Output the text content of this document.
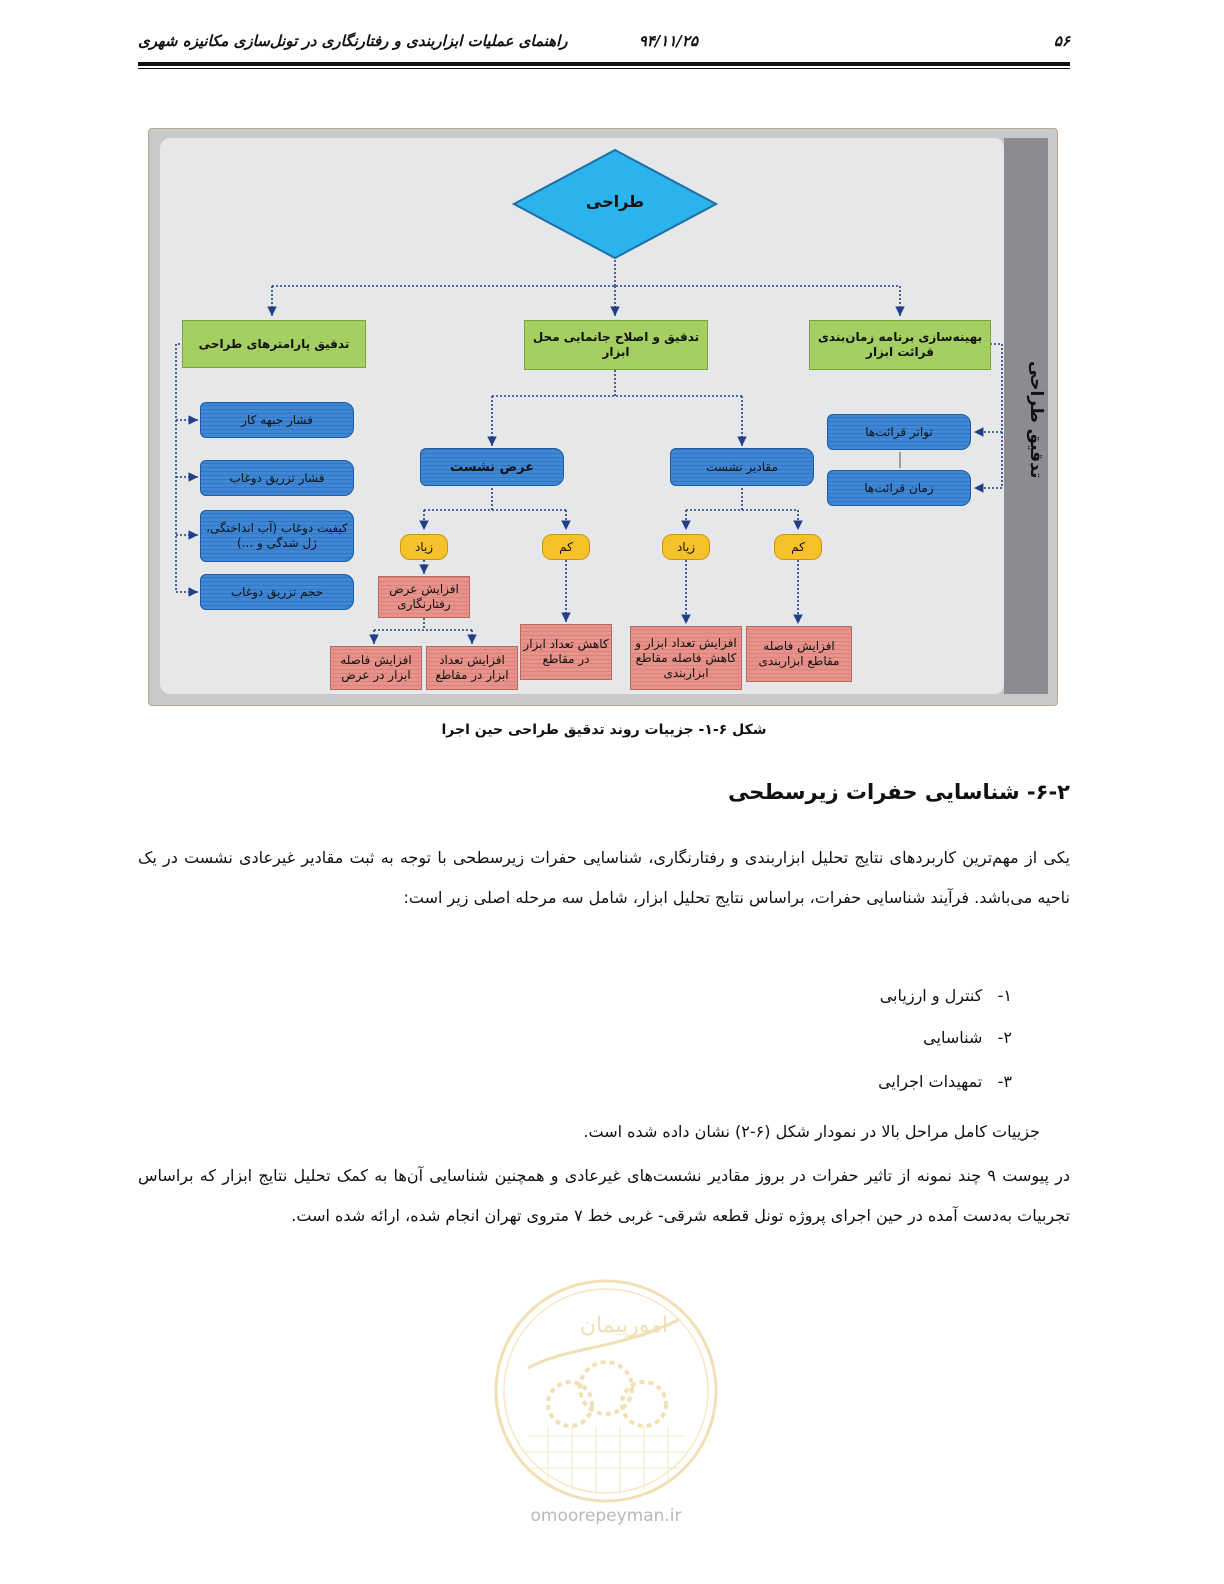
۵۶
۹۴/۱۱/۲۵
راهنمای عملیات ابزاربندی و رفتارنگاری در تونل‌سازی مکانیزه شهری
تدقیق طراحی
طراحی
تدقیق پارامترهای طراحی	تدقیق و اصلاح جانمایی محل ابزار
بهینه‌سازی برنامه زمان‌بندی قرائت ابزار
فشار جبهه کار
فشار تزریق دوغاب
کیفیت دوغاب (آب انداختگی، ژل شدگی و ...)
حجم تزریق دوغاب
تواتر قرائت‌ها
زمان قرائت‌ها
عرض نشست	مقادیر نشست
زیاد	کم	زیاد	کم
افزایش عرض رفتارنگاری
افزایش فاصله ابزار در عرض
افزایش تعداد ابزار در مقاطع
کاهش تعداد ابزار در مقاطع
افزایش تعداد ابزار و کاهش فاصله مقاطع ابزاربندی
افزایش فاصله مقاطع ابزاربندی
شکل ۶-۱- جزییات روند تدقیق طراحی حین اجرا
۶-۲- شناسایی حفرات زیرسطحی
یکی از مهم‌ترین کاربردهای نتایج تحلیل ابزاربندی و رفتارنگاری، شناسایی حفرات زیرسطحی با توجه به ثبت مقادیر غیرعادی نشست در یک ناحیه می‌باشد. فرآیند شناسایی حفرات، براساس نتایج تحلیل ابزار، شامل سه مرحله اصلی زیر است:
۱-   کنترل و ارزیابی
۲-   شناسایی
۳-   تمهیدات اجرایی
جزییات کامل مراحل بالا در نمودار شکل (۶-۲) نشان داده شده است.
در پیوست ۹ چند نمونه از تاثیر حفرات در بروز مقادیر نشست‌های غیرعادی و همچنین شناسایی آن‌ها به کمک تحلیل نتایج ابزار که براساس تجربیات به‌دست آمده در حین اجرای پروژه تونل قطعه شرقی- غربی خط ۷ متروی تهران انجام شده، ارائه شده است.
امورپیمان
omoorepeyman.ir
